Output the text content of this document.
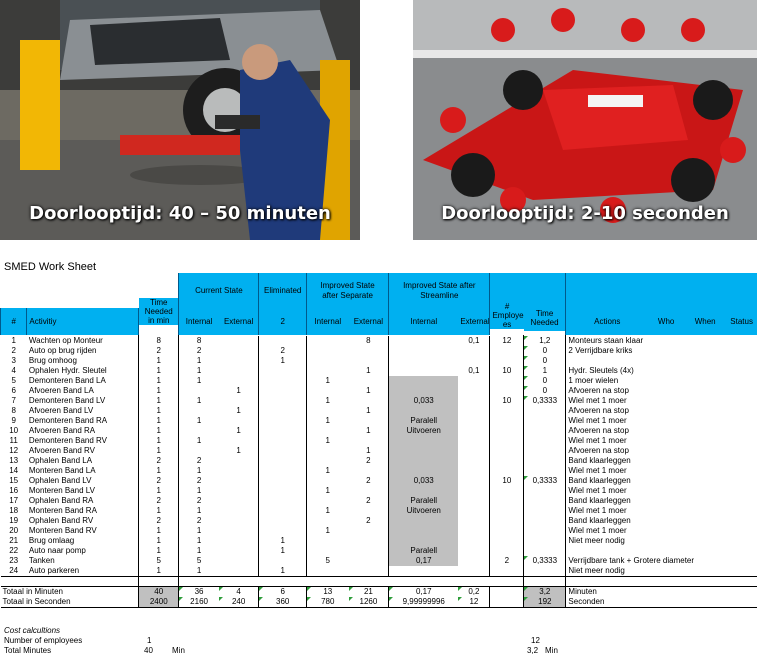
Doorlooptijd: 40 – 50 minuten	Doorlooptijd: 2-10 seconden
SMED Work Sheet
			Current State		Eliminated	Improved State
after Separate		Improved State after
Streamline							
#	Activitiy	Time
Needed
in min	Internal	External	2	Internal	External	Internal	External	#
Employe
es	Time
Needed	Actions	Who	When	Status

1	Wachten op Monteur	8	8				8		0,1	12	1,2	Monteurs staan klaar			
2	Auto op brug rijden	2	2		2						0	2 Verrijdbare kriks			
3	Brug omhoog	1	1		1						0				
4	Ophalen Hydr. Sleutel	1	1				1		0,1	10	1	Hydr. Sleutels (4x)			
5	Demonteren Band LA	1	1			1					0	1 moer wielen			
6	Afvoeren Band LA	1		1			1				0	Afvoeren na stop			
7	Demonteren Band LV	1	1			1		0,033		10	0,3333	Wiel met 1 moer			
8	Afvoeren Band LV	1		1			1					Afvoeren na stop			
9	Demonteren Band RA	1	1			1		Paralell				Wiel met 1 moer			
10	Afvoeren Band RA	1		1			1	Uitvoeren				Afvoeren na stop			
11	Demonteren Band RV	1	1			1						Wiel met 1 moer			
12	Afvoeren Band RV	1		1			1					Afvoeren na stop			
13	Ophalen Band LA	2	2				2					Band klaarleggen			
14	Monteren Band LA	1	1			1						Wiel met 1 moer			
15	Ophalen Band LV	2	2				2	0,033		10	0,3333	Band klaarleggen			
16	Monteren Band LV	1	1			1						Wiel met 1 moer			
17	Ophalen Band RA	2	2				2	Paralell				Band klaarleggen			
18	Monteren Band RA	1	1			1		Uitvoeren				Wiel met 1 moer			
19	Ophalen Band RV	2	2				2					Band klaarleggen			
20	Monteren Band RV	1	1			1						Wiel met 1 moer			
21	Brug omlaag	1	1		1							Niet meer nodig			
22	Auto naar pomp	1	1		1			Paralell							
23	Tanken	5	5			5		0,17		2	0,3333	Verrijdbare tank + Grotere diameter			
24	Auto parkeren	1	1		1							Niet meer nodig			

Totaal in Minuten		40	36	4	6	13	21	0,17	0,2		3,2	Minuten			
Totaal in Seconden		2400	2160	240	360	780	1260	9,99999996	12		192	Seconden			
Cost calcultions
Number of employees	1	12
Total Minutes	40 Min	3,2 Min
